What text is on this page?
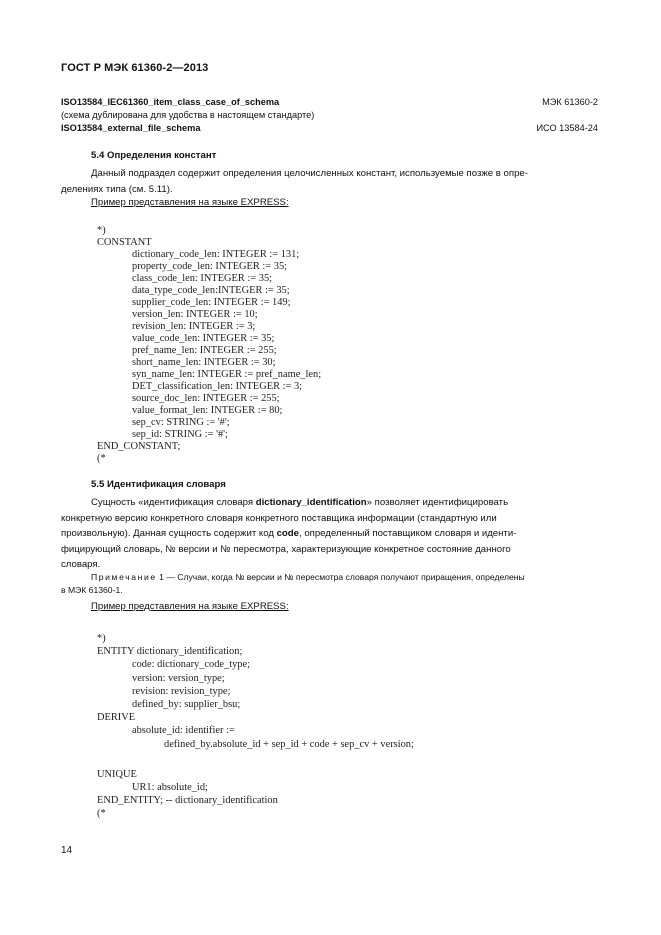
ГОСТ Р МЭК 61360-2—2013
ISO13584_IEC61360_item_class_case_of_schema	МЭК 61360-2
(схема дублирована для удобства в настоящем стандарте)
ISO13584_external_file_schema	ИСО 13584-24
5.4 Определения констант
Данный подраздел содержит определения целочисленных констант, используемые позже в опре-
делениях типа (см. 5.11).
Пример представления на языке EXPRESS:
*)
CONSTANT
dictionary_code_len: INTEGER := 131;
property_code_len: INTEGER := 35;
class_code_len: INTEGER := 35;
data_type_code_len:INTEGER := 35;
supplier_code_len: INTEGER := 149;
version_len: INTEGER := 10;
revision_len: INTEGER := 3;
value_code_len: INTEGER := 35;
pref_name_len: INTEGER := 255;
short_name_len: INTEGER := 30;
syn_name_len: INTEGER := pref_name_len;
DET_classification_len: INTEGER := 3;
source_doc_len: INTEGER := 255;
value_format_len: INTEGER := 80;
sep_cv: STRING := '#';
sep_id: STRING := '#';
END_CONSTANT;
(*
5.5 Идентификация словаря
Сущность «идентификация словаря dictionary_identification» позволяет идентифицировать
конкретную версию конкретного словаря конкретного поставщика информации (стандартную или
произвольную). Данная сущность содержит код code, определенный поставщиком словаря и иденти-
фицирующий словарь, № версии и № пересмотра, характеризующие конкретное состояние данного
словаря.
Примечание 1 — Случаи, когда № версии и № пересмотра словаря получают приращения, определены
в МЭК 61360-1.
Пример представления на языке EXPRESS:
*)
ENTITY dictionary_identification;
code: dictionary_code_type;
version: version_type;
revision: revision_type;
defined_by: supplier_bsu;
DERIVE
absolute_id: identifier :=
defined_by.absolute_id + sep_id + code + sep_cv + version;
UNIQUE
UR1: absolute_id;
END_ENTITY; -- dictionary_identification
(*
14
